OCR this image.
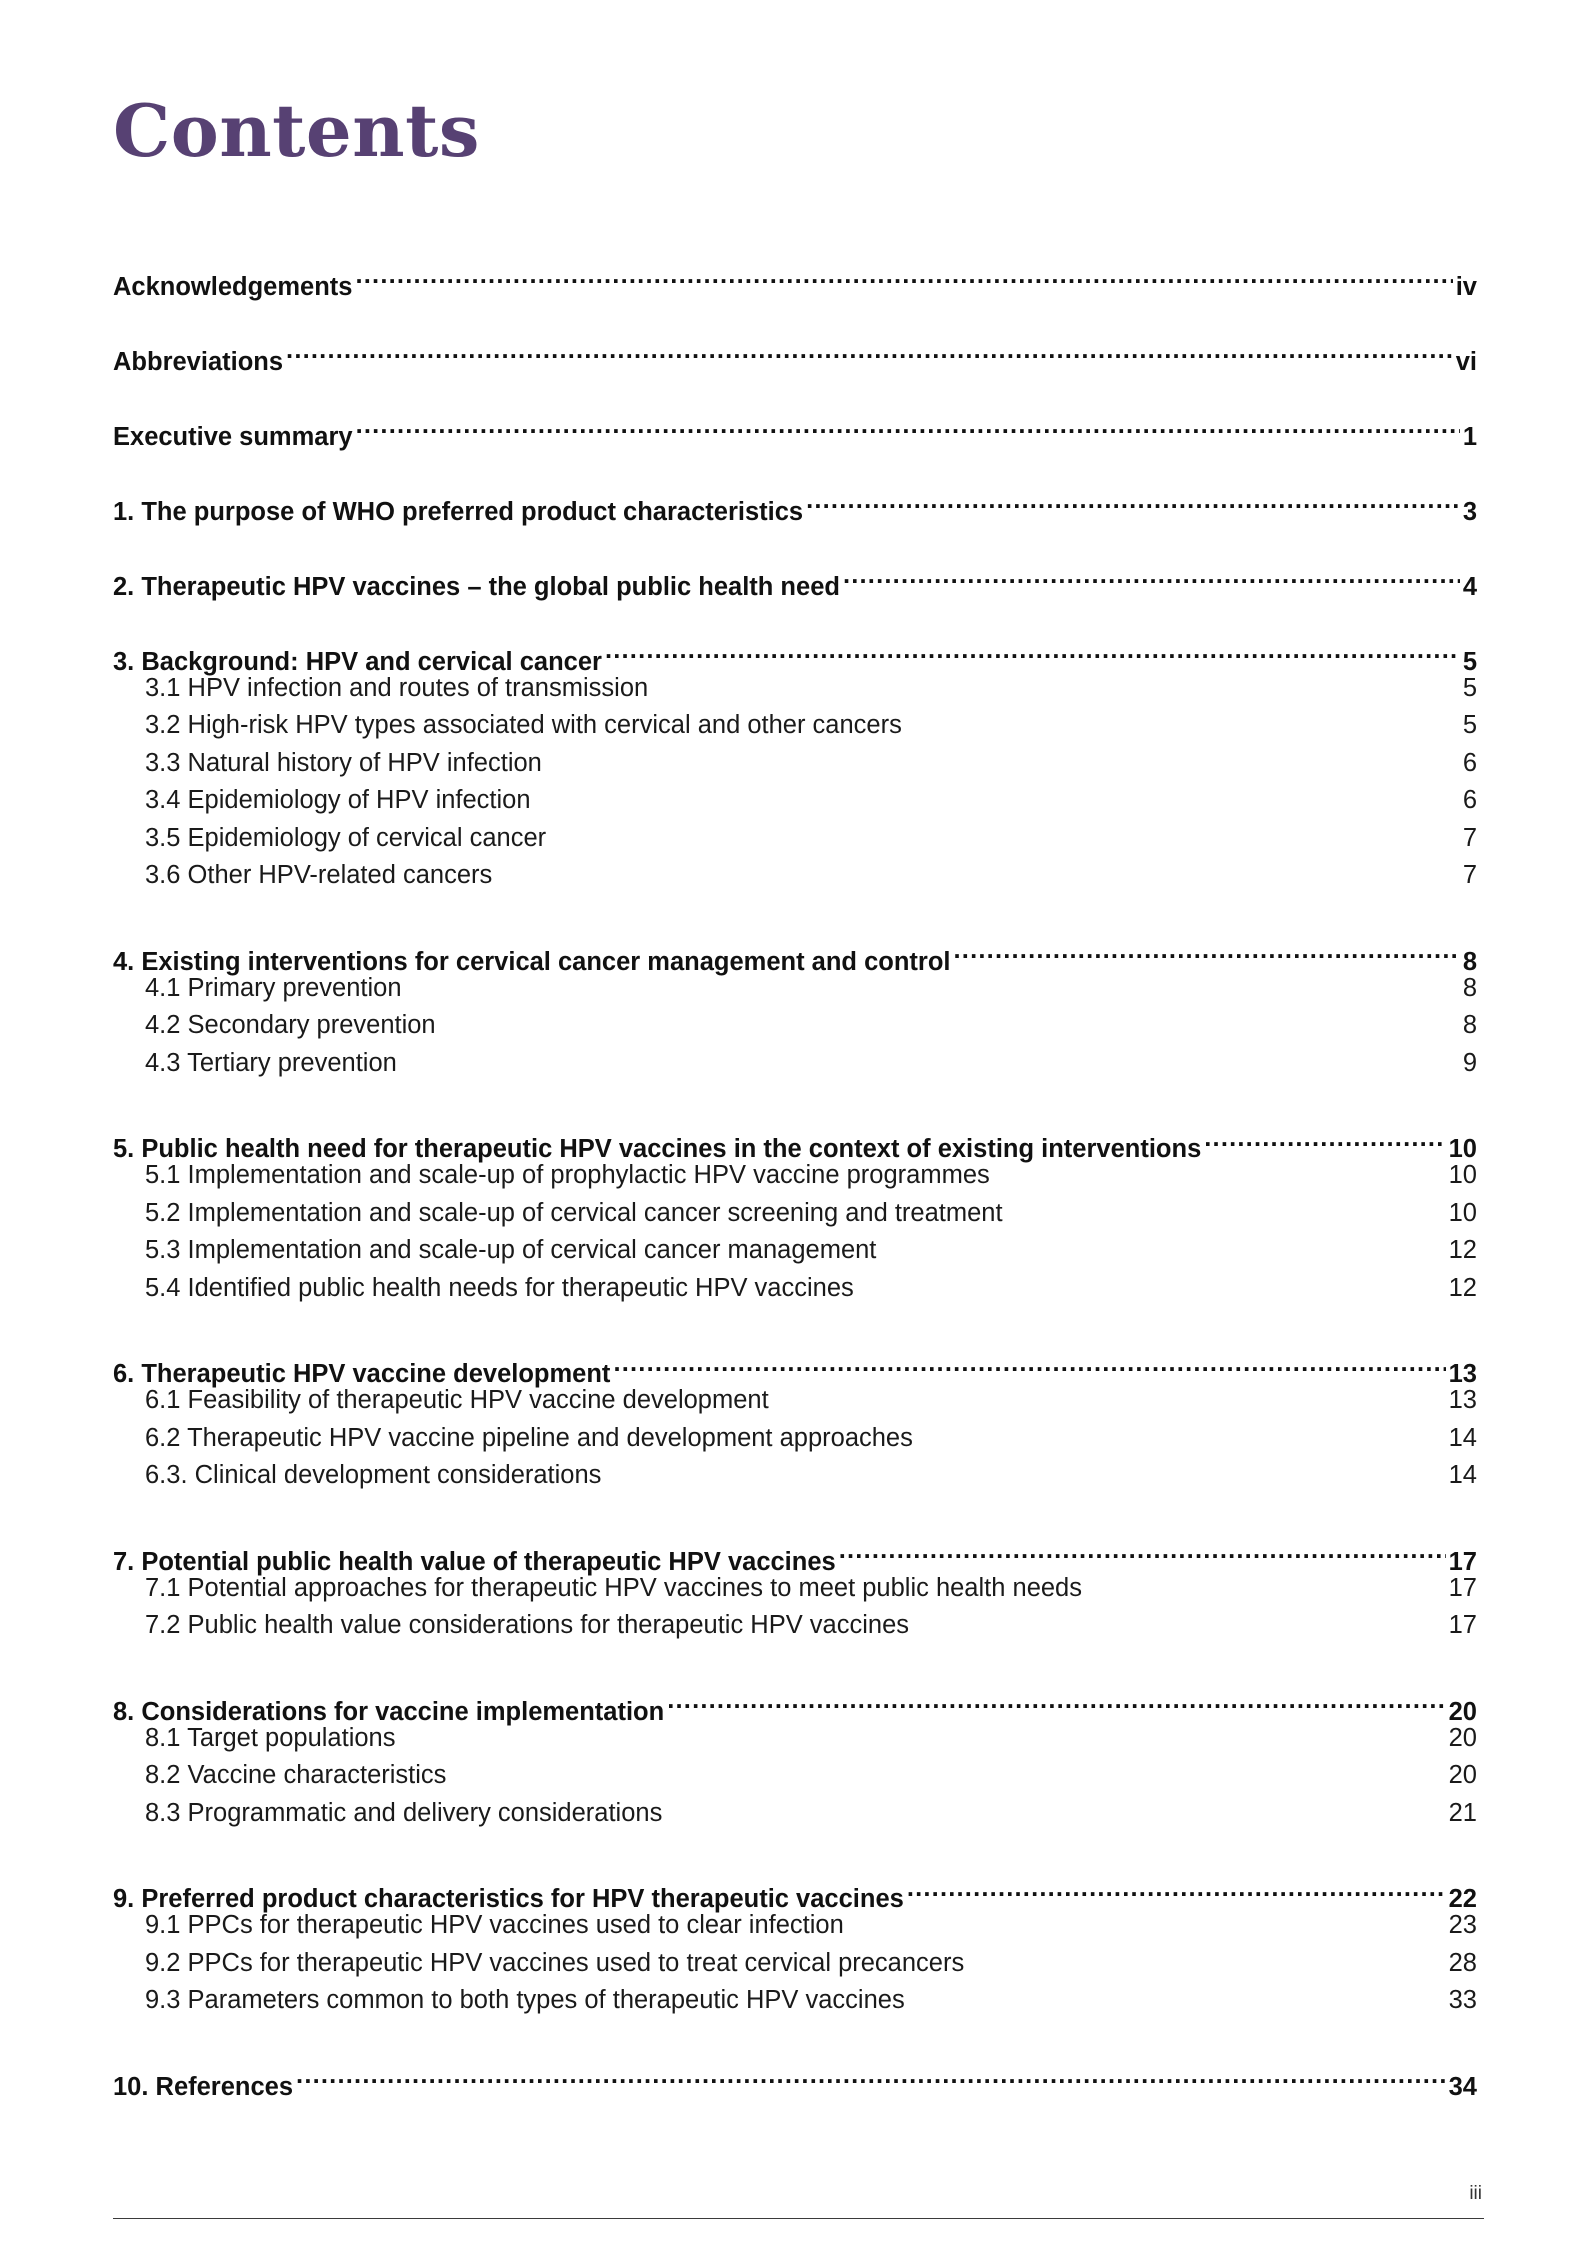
Contents
Acknowledgements .....	iv
Abbreviations .....	vi
Executive summary .....	1
1. The purpose of WHO preferred product characteristics .....	3
2. Therapeutic HPV vaccines – the global public health need .....	4
3. Background: HPV and cervical cancer .....	5
3.1 HPV infection and routes of transmission	5
3.2 High-risk HPV types associated with cervical and other cancers	5
3.3 Natural history of HPV infection	6
3.4 Epidemiology of HPV infection	6
3.5 Epidemiology of cervical cancer	7
3.6 Other HPV-related cancers	7
4. Existing interventions for cervical cancer management and control .....	8
4.1 Primary prevention	8
4.2 Secondary prevention	8
4.3 Tertiary prevention	9
5. Public health need for therapeutic HPV vaccines in the context of existing interventions .....	10
5.1 Implementation and scale-up of prophylactic HPV vaccine programmes	10
5.2 Implementation and scale-up of cervical cancer screening and treatment	10
5.3 Implementation and scale-up of cervical cancer management	12
5.4 Identified public health needs for therapeutic HPV vaccines	12
6. Therapeutic HPV vaccine development .....	13
6.1 Feasibility of therapeutic HPV vaccine development	13
6.2 Therapeutic HPV vaccine pipeline and development approaches	14
6.3. Clinical development considerations	14
7. Potential public health value of therapeutic HPV vaccines .....	17
7.1 Potential approaches for therapeutic HPV vaccines to meet public health needs	17
7.2 Public health value considerations for therapeutic HPV vaccines	17
8. Considerations for vaccine implementation .....	20
8.1 Target populations	20
8.2 Vaccine characteristics	20
8.3 Programmatic and delivery considerations	21
9. Preferred product characteristics for HPV therapeutic vaccines .....	22
9.1 PPCs for therapeutic HPV vaccines used to clear infection	23
9.2 PPCs for therapeutic HPV vaccines used to treat cervical precancers	28
9.3 Parameters common to both types of therapeutic HPV vaccines	33
10. References .....	34
iii
